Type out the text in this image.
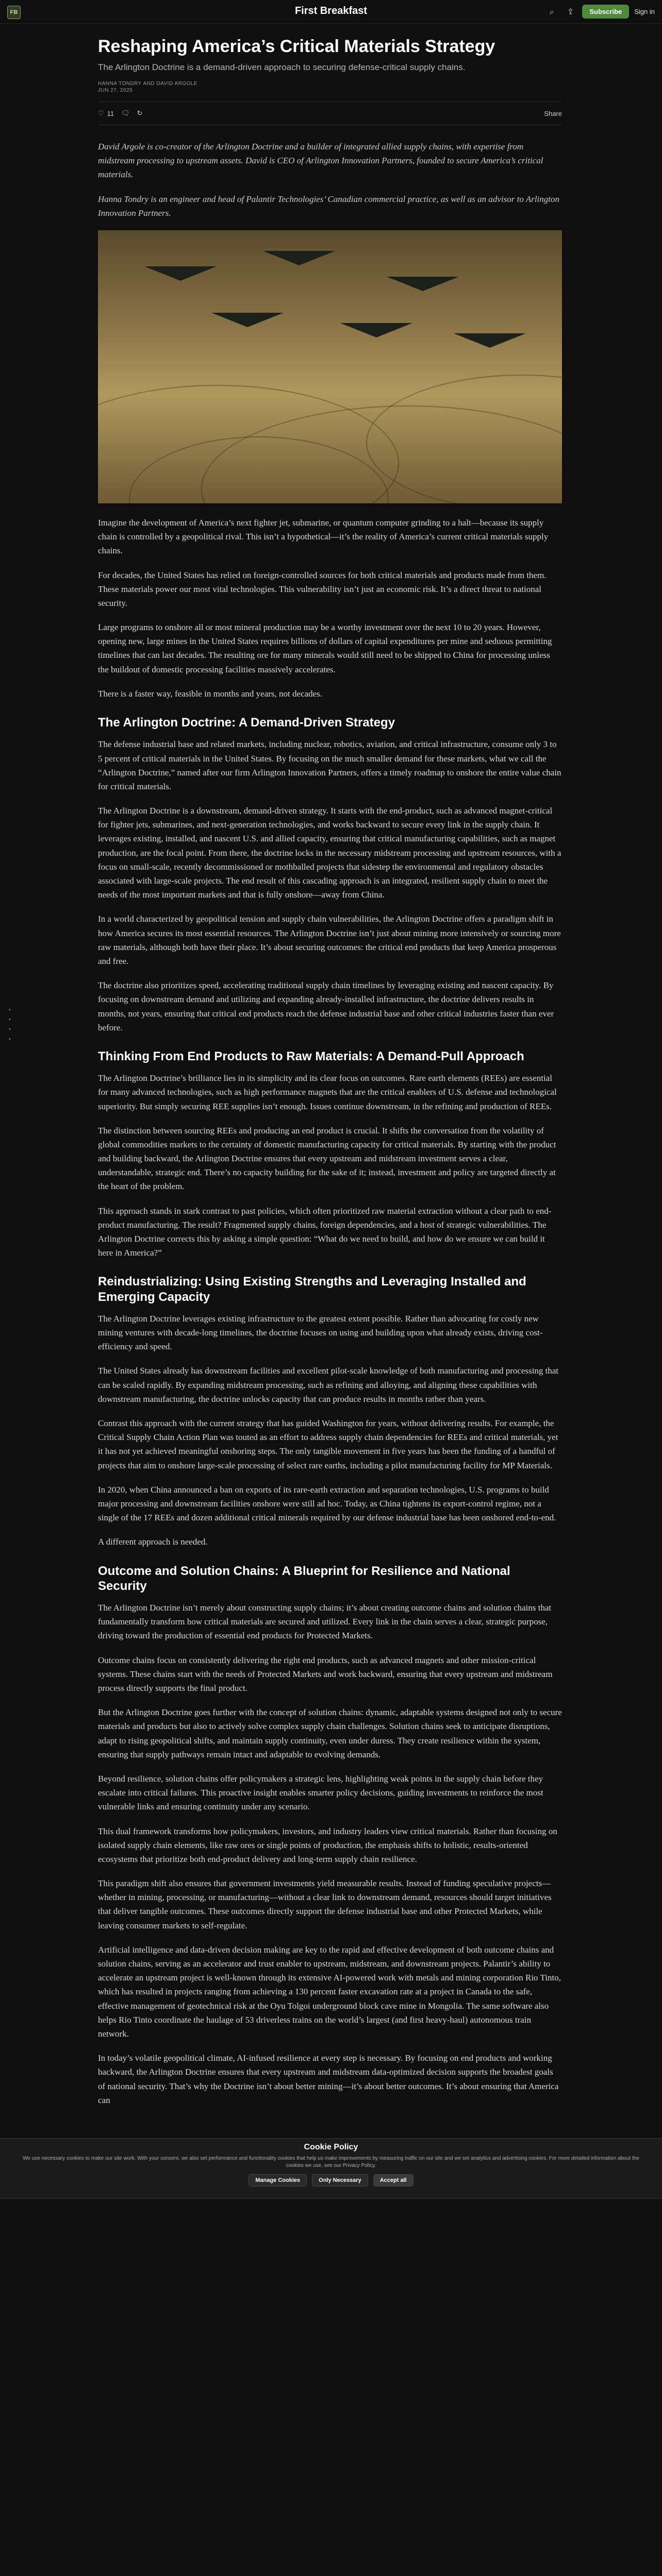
FB	First Breakfast	⌕	⇪	Subscribe	Sign in
•
•
•
•
Reshaping America’s Critical Materials Strategy
The Arlington Doctrine is a demand-driven approach to securing defense-critical supply chains.
HANNA TONDRY AND DAVID ARGOLE
JUN 27, 2025
♡ 11 🗨 ↻	Share

David Argole is co-creator of the Arlington Doctrine and a builder of integrated allied supply chains, with expertise from midstream processing to upstream assets. David is CEO of Arlington Innovation Partners, founded to secure America’s critical materials.

Hanna Tondry is an engineer and head of Palantir Technologies’ Canadian commercial practice, as well as an advisor to Arlington Innovation Partners.

Imagine the development of America’s next fighter jet, submarine, or quantum computer grinding to a halt—because its supply chain is controlled by a geopolitical rival. This isn’t a hypothetical—it’s the reality of America’s current critical materials supply chains.

For decades, the United States has relied on foreign-controlled sources for both critical materials and products made from them. These materials power our most vital technologies. This vulnerability isn’t just an economic risk. It’s a direct threat to national security.

Large programs to onshore all or most mineral production may be a worthy investment over the next 10 to 20 years. However, opening new, large mines in the United States requires billions of dollars of capital expenditures per mine and seduous permitting timelines that can last decades. The resulting ore for many minerals would still need to be shipped to China for processing unless the buildout of domestic processing facilities massively accelerates.

There is a faster way, feasible in months and years, not decades.

The Arlington Doctrine: A Demand-Driven Strategy

The defense industrial base and related markets, including nuclear, robotics, aviation, and critical infrastructure, consume only 3 to 5 percent of critical materials in the United States. By focusing on the much smaller demand for these markets, what we call the “Arlington Doctrine,” named after our firm Arlington Innovation Partners, offers a timely roadmap to onshore the entire value chain for critical materials.

The Arlington Doctrine is a downstream, demand-driven strategy. It starts with the end-product, such as advanced magnet-critical for fighter jets, submarines, and next-generation technologies, and works backward to secure every link in the supply chain. It leverages existing, installed, and nascent U.S. and allied capacity, ensuring that critical manufacturing capabilities, such as magnet production, are the focal point. From there, the doctrine locks in the necessary midstream processing and upstream resources, with a focus on small-scale, recently decommissioned or mothballed projects that sidestep the environmental and regulatory obstacles associated with large-scale projects. The end result of this cascading approach is an integrated, resilient supply chain to meet the needs of the most important markets and that is fully onshore—away from China.

In a world characterized by geopolitical tension and supply chain vulnerabilities, the Arlington Doctrine offers a paradigm shift in how America secures its most essential resources. The Arlington Doctrine isn’t just about mining more intensively or sourcing more raw materials, although both have their place. It’s about securing outcomes: the critical end products that keep America prosperous and free.

The doctrine also prioritizes speed, accelerating traditional supply chain timelines by leveraging existing and nascent capacity. By focusing on downstream demand and utilizing and expanding already-installed infrastructure, the doctrine delivers results in months, not years, ensuring that critical end products reach the defense industrial base and other critical industries faster than ever before.

Thinking From End Products to Raw Materials: A Demand-Pull Approach

The Arlington Doctrine’s brilliance lies in its simplicity and its clear focus on outcomes. Rare earth elements (REEs) are essential for many advanced technologies, such as high performance magnets that are the critical enablers of U.S. defense and technological superiority. But simply securing REE supplies isn’t enough. Issues continue downstream, in the refining and production of REEs.

The distinction between sourcing REEs and producing an end product is crucial. It shifts the conversation from the volatility of global commodities markets to the certainty of domestic manufacturing capacity for critical materials. By starting with the product and building backward, the Arlington Doctrine ensures that every upstream and midstream investment serves a clear, understandable, strategic end. There’s no capacity building for the sake of it; instead, investment and policy are targeted directly at the heart of the problem.

This approach stands in stark contrast to past policies, which often prioritized raw material extraction without a clear path to end-product manufacturing. The result? Fragmented supply chains, foreign dependencies, and a host of strategic vulnerabilities. The Arlington Doctrine corrects this by asking a simple question: “What do we need to build, and how do we ensure we can build it here in America?”

Reindustrializing: Using Existing Strengths and Leveraging Installed and Emerging Capacity

The Arlington Doctrine leverages existing infrastructure to the greatest extent possible. Rather than advocating for costly new mining ventures with decade-long timelines, the doctrine focuses on using and building upon what already exists, driving cost-efficiency and speed.

The United States already has downstream facilities and excellent pilot-scale knowledge of both manufacturing and processing that can be scaled rapidly. By expanding midstream processing, such as refining and alloying, and aligning these capabilities with downstream manufacturing, the doctrine unlocks capacity that can produce results in months rather than years.

Contrast this approach with the current strategy that has guided Washington for years, without delivering results. For example, the Critical Supply Chain Action Plan was touted as an effort to address supply chain dependencies for REEs and critical materials, yet it has not yet achieved meaningful onshoring steps. The only tangible movement in five years has been the funding of a handful of projects that aim to onshore large-scale processing of select rare earths, including a pilot manufacturing facility for MP Materials.

In 2020, when China announced a ban on exports of its rare-earth extraction and separation technologies, U.S. programs to build major processing and downstream facilities onshore were still ad hoc. Today, as China tightens its export-control regime, not a single of the 17 REEs and dozen additional critical minerals required by our defense industrial base has been onshored end-to-end.

A different approach is needed.

Outcome and Solution Chains: A Blueprint for Resilience and National Security

The Arlington Doctrine isn’t merely about constructing supply chains; it’s about creating outcome chains and solution chains that fundamentally transform how critical materials are secured and utilized. Every link in the chain serves a clear, strategic purpose, driving toward the production of essential end products for Protected Markets.

Outcome chains focus on consistently delivering the right end products, such as advanced magnets and other mission-critical systems. These chains start with the needs of Protected Markets and work backward, ensuring that every upstream and midstream process directly supports the final product.

But the Arlington Doctrine goes further with the concept of solution chains: dynamic, adaptable systems designed not only to secure materials and products but also to actively solve complex supply chain challenges. Solution chains seek to anticipate disruptions, adapt to rising geopolitical shifts, and maintain supply continuity, even under duress. They create resilience within the system, ensuring that supply pathways remain intact and adaptable to evolving demands.

Beyond resilience, solution chains offer policymakers a strategic lens, highlighting weak points in the supply chain before they escalate into critical failures. This proactive insight enables smarter policy decisions, guiding investments to reinforce the most vulnerable links and ensuring continuity under any scenario.

This dual framework transforms how policymakers, investors, and industry leaders view critical materials. Rather than focusing on isolated supply chain elements, like raw ores or single points of production, the emphasis shifts to holistic, results-oriented ecosystems that prioritize both end-product delivery and long-term supply chain resilience.

This paradigm shift also ensures that government investments yield measurable results. Instead of funding speculative projects—whether in mining, processing, or manufacturing—without a clear link to downstream demand, resources should target initiatives that deliver tangible outcomes. These outcomes directly support the defense industrial base and other Protected Markets, while leaving consumer markets to self-regulate.

Artificial intelligence and data-driven decision making are key to the rapid and effective development of both outcome chains and solution chains, serving as an accelerator and trust enabler to upstream, midstream, and downstream projects. Palantir’s ability to accelerate an upstream project is well-known through its extensive AI-powered work with metals and mining corporation Rio Tinto, which has resulted in projects ranging from achieving a 130 percent faster excavation rate at a project in Canada to the safe, effective management of geotechnical risk at the Oyu Tolgoi underground block cave mine in Mongolia. The same software also helps Rio Tinto coordinate the haulage of 53 driverless trains on the world’s largest (and first heavy-haul) autonomous train network.

In today’s volatile geopolitical climate, AI-infused resilience at every step is necessary. By focusing on end products and working backward, the Arlington Doctrine ensures that every upstream and midstream data-optimized decision supports the broadest goals of national security. That’s why the Doctrine isn’t about better mining—it’s about better outcomes. It’s about ensuring that America can

Cookie Policy
We use necessary cookies to make our site work. With your consent, we also set performance and functionality cookies that help us make improvements by measuring traffic on our site and we set analytics and advertising cookies. For more detailed information about the cookies we use, see our Privacy Policy.
Manage Cookies	Only Necessary	Accept all
